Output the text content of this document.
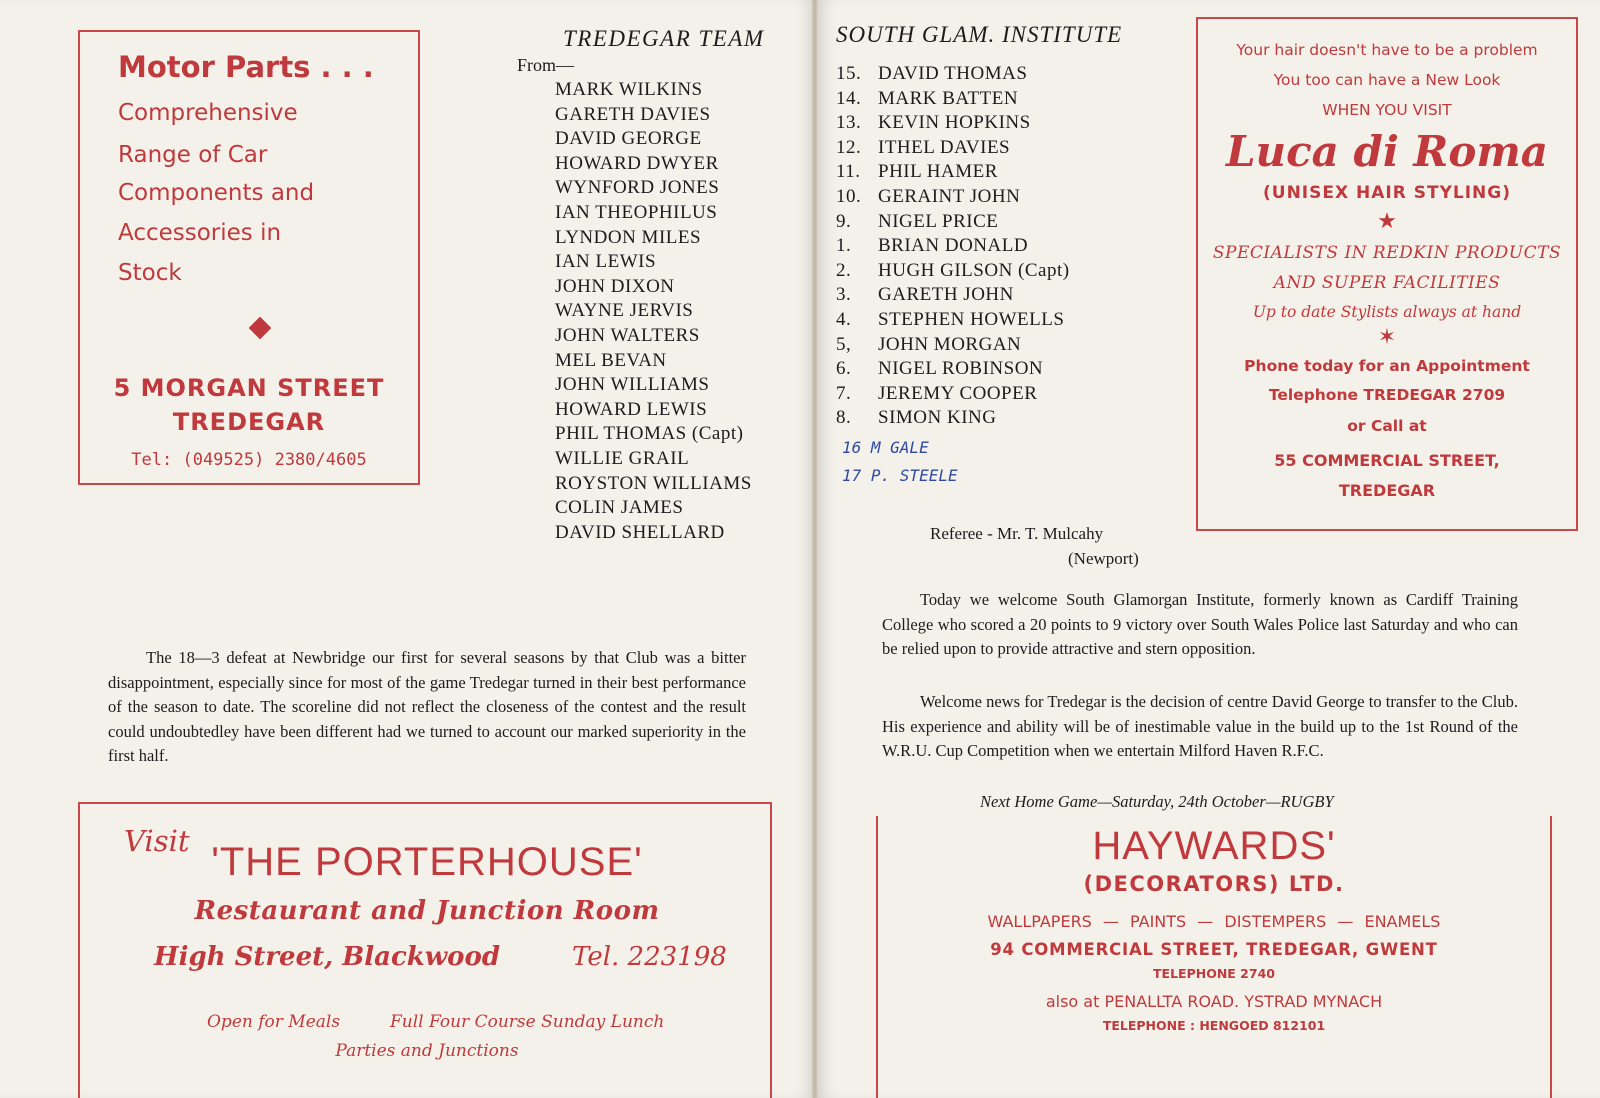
Motor Parts . . .
Comprehensive
Range of Car
Components and
Accessories in
Stock
5 MORGAN STREET
TREDEGAR
Tel: (049525) 2380/4605
TREDEGAR TEAM
From—
MARK WILKINS
GARETH DAVIES
DAVID GEORGE
HOWARD DWYER
WYNFORD JONES
IAN THEOPHILUS
LYNDON MILES
IAN LEWIS
JOHN DIXON
WAYNE JERVIS
JOHN WALTERS
MEL BEVAN
JOHN WILLIAMS
HOWARD LEWIS
PHIL THOMAS (Capt)
WILLIE GRAIL
ROYSTON WILLIAMS
COLIN JAMES
DAVID SHELLARD
The 18—3 defeat at Newbridge our first for several seasons by that Club was a bitter disappointment, especially since for most of the game Tredegar turned in their best performance of the season to date. The scoreline did not reflect the closeness of the contest and the result could undoubtedley have been different had we turned to account our marked superiority in the first half.
Visit 'THE PORTERHOUSE'
Restaurant and Junction Room
High Street, Blackwood	Tel. 223198
Open for Meals	Full Four Course Sunday Lunch
Parties and Junctions
SOUTH GLAM. INSTITUTE
15. DAVID THOMAS
14. MARK BATTEN
13. KEVIN HOPKINS
12. ITHEL DAVIES
11. PHIL HAMER
10. GERAINT JOHN
9.	NIGEL PRICE
1.	BRIAN DONALD
2.	HUGH GILSON (Capt)
3.	GARETH JOHN
4.	STEPHEN HOWELLS
5,	JOHN MORGAN
6.	NIGEL ROBINSON
7.	JEREMY COOPER
8.	SIMON KING
16 M GALE
17 P. STEELE
Referee - Mr. T. Mulcahy
(Newport)
Today we welcome South Glamorgan Institute, formerly known as Cardiff Training College who scored a 20 points to 9 victory over South Wales Police last Saturday and who can be relied upon to provide attractive and stern opposition.
Welcome news for Tredegar is the decision of centre David George to transfer to the Club. His experience and ability will be of inestimable value in the build up to the 1st Round of the W.R.U. Cup Competition when we entertain Milford Haven R.F.C.
Next Home Game—Saturday, 24th October—RUGBY
Your hair doesn't have to be a problem
You too can have a New Look
WHEN YOU VISIT
Luca di Roma
(UNISEX HAIR STYLING)
★
SPECIALISTS IN REDKIN PRODUCTS
AND SUPER FACILITIES
Up to date Stylists always at hand
✶
Phone today for an Appointment
Telephone TREDEGAR 2709
or Call at
55 COMMERCIAL STREET,
TREDEGAR
HAYWARDS'
(DECORATORS) LTD.
WALLPAPERS — PAINTS — DISTEMPERS — ENAMELS
94 COMMERCIAL STREET, TREDEGAR, GWENT
TELEPHONE 2740
also at PENALLTA ROAD. YSTRAD MYNACH
TELEPHONE : HENGOED 812101
